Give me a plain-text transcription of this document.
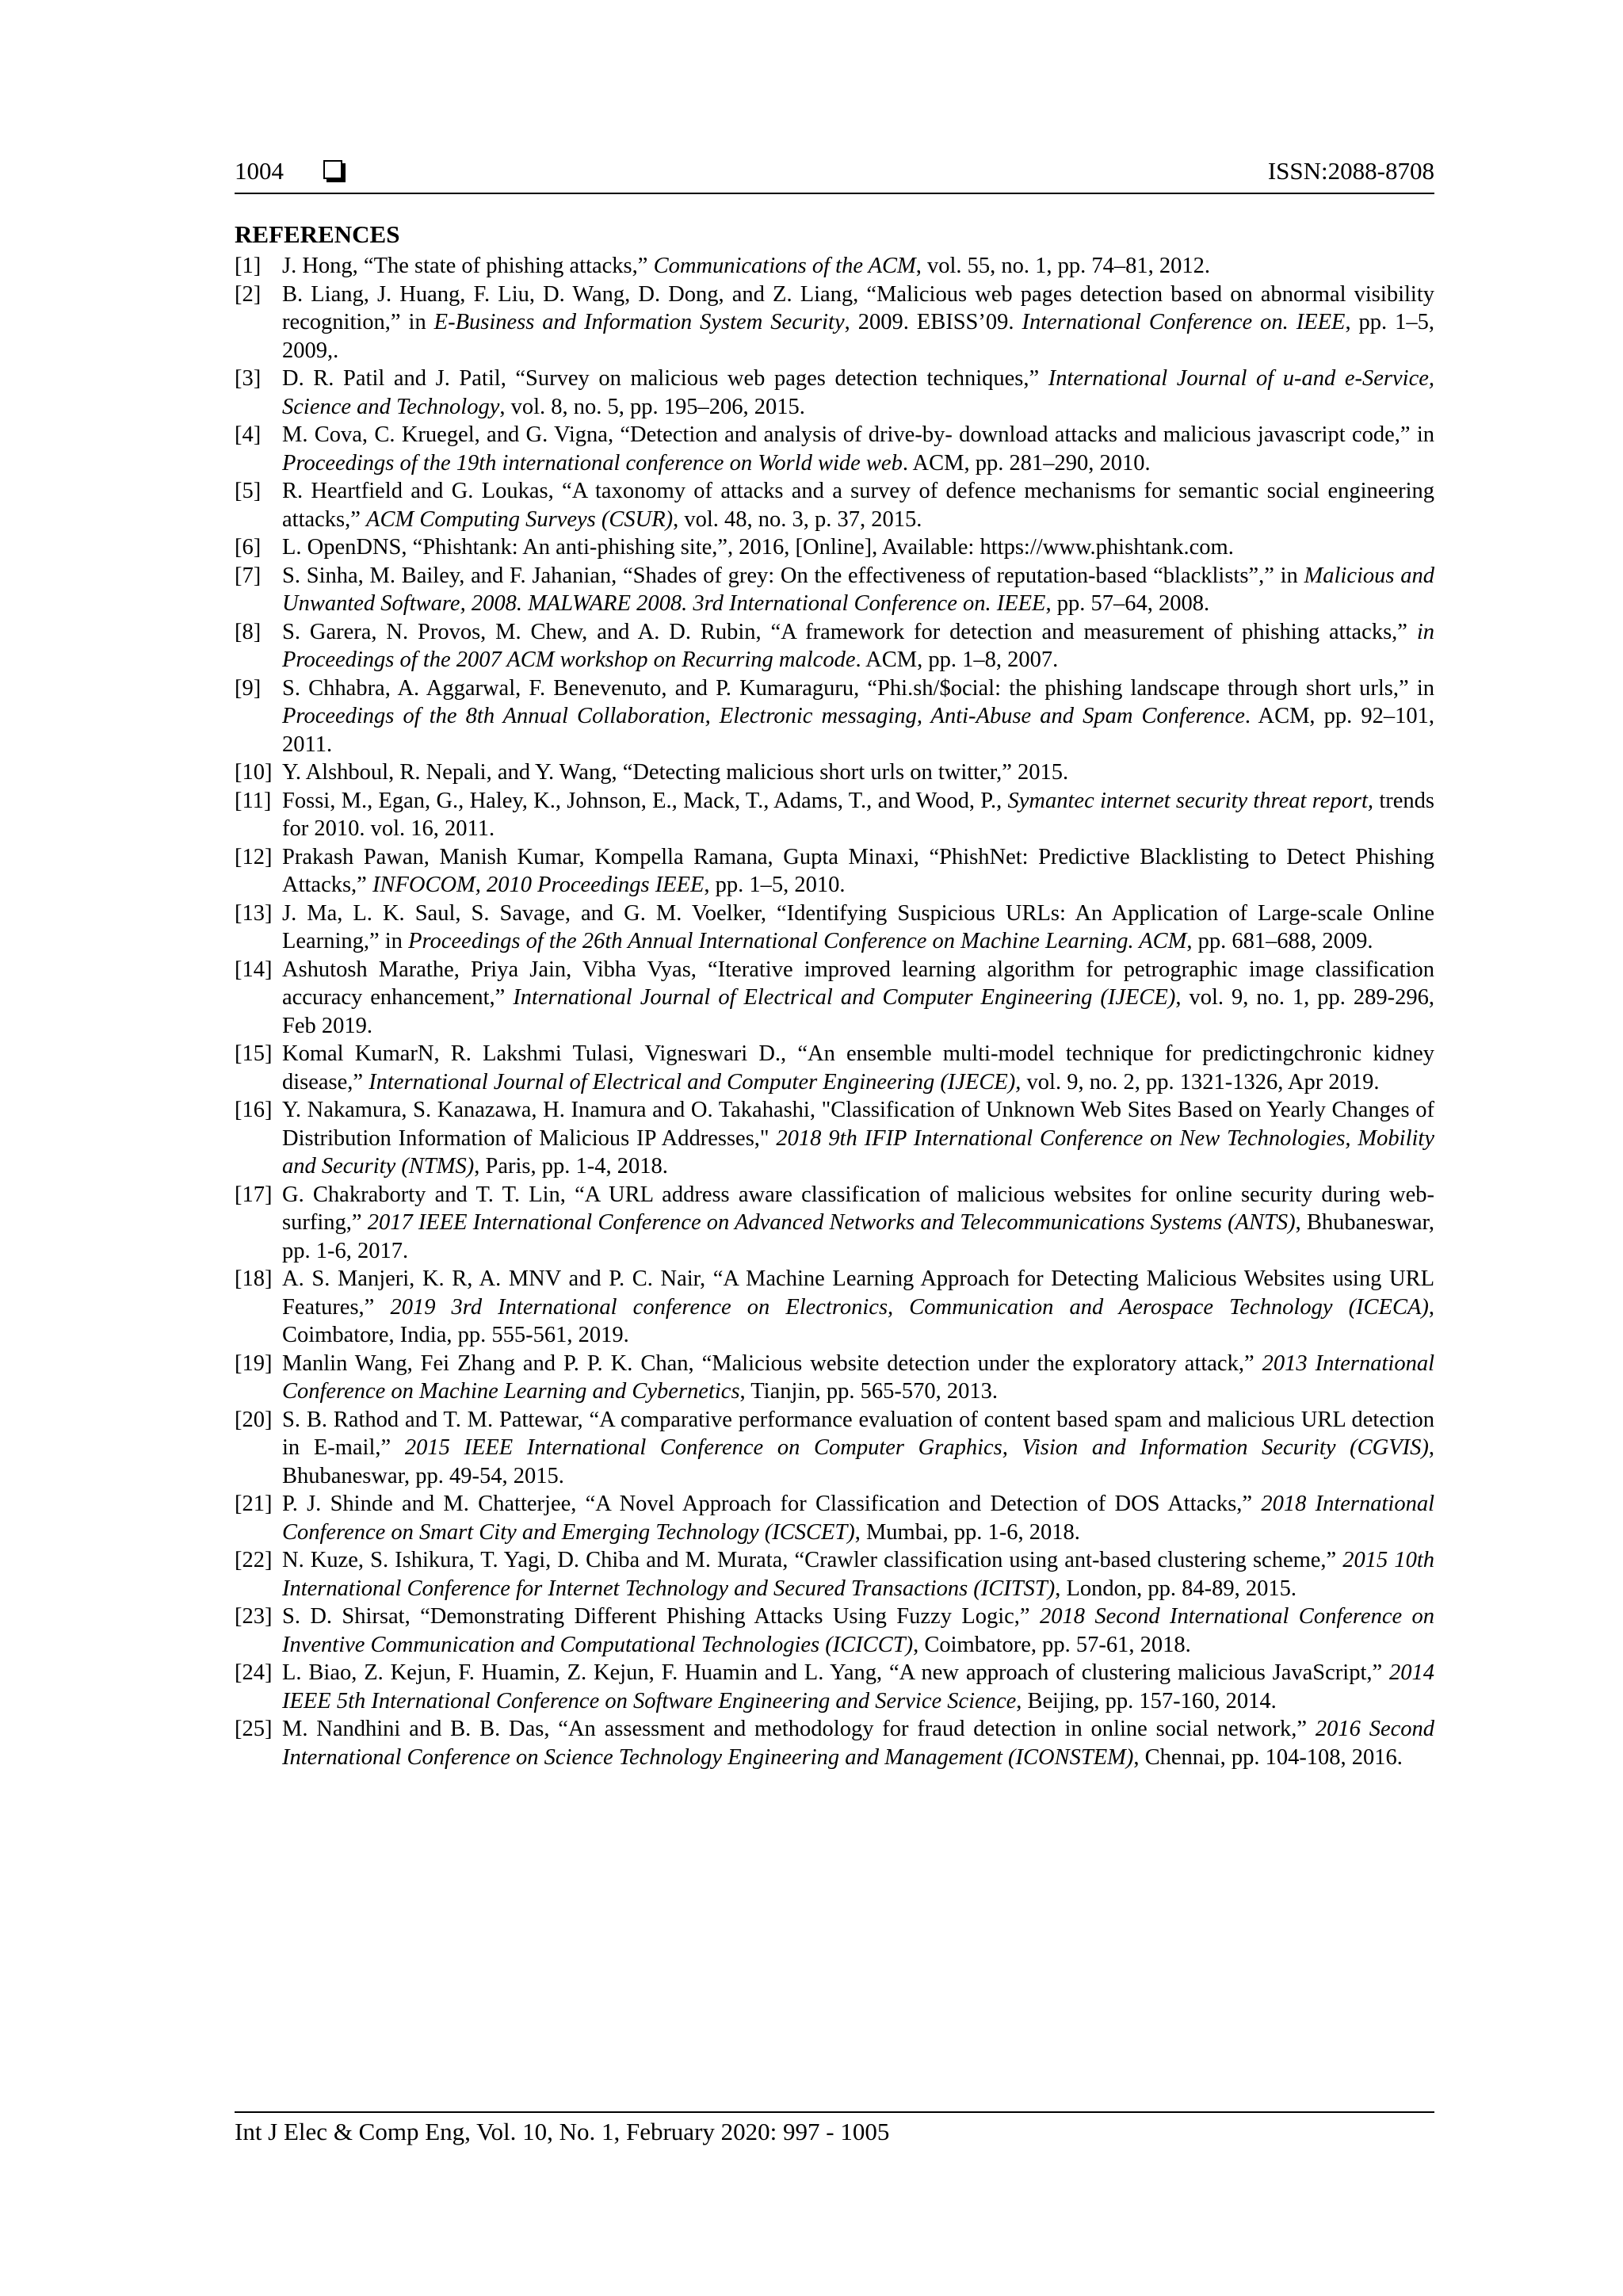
1004	ISSN:2088-8708
REFERENCES
[1] J. Hong, “The state of phishing attacks,” Communications of the ACM, vol. 55, no. 1, pp. 74–81, 2012.
[2] B. Liang, J. Huang, F. Liu, D. Wang, D. Dong, and Z. Liang, “Malicious web pages detection based on abnormal visibility recognition,” in E-Business and Information System Security, 2009. EBISS’09. International Conference on. IEEE, pp. 1–5, 2009,.
[3] D. R. Patil and J. Patil, “Survey on malicious web pages detection techniques,” International Journal of u-and e-Service, Science and Technology, vol. 8, no. 5, pp. 195–206, 2015.
[4] M. Cova, C. Kruegel, and G. Vigna, “Detection and analysis of drive-by- download attacks and malicious javascript code,” in Proceedings of the 19th international conference on World wide web. ACM, pp. 281–290, 2010.
[5] R. Heartfield and G. Loukas, “A taxonomy of attacks and a survey of defence mechanisms for semantic social engineering attacks,” ACM Computing Surveys (CSUR), vol. 48, no. 3, p. 37, 2015.
[6] L. OpenDNS, “Phishtank: An anti-phishing site,”, 2016, [Online], Available: https://www.phishtank.com.
[7] S. Sinha, M. Bailey, and F. Jahanian, “Shades of grey: On the effectiveness of reputation-based “blacklists”,” in Malicious and Unwanted Software, 2008. MALWARE 2008. 3rd International Conference on. IEEE, pp. 57–64, 2008.
[8] S. Garera, N. Provos, M. Chew, and A. D. Rubin, “A framework for detection and measurement of phishing attacks,” in Proceedings of the 2007 ACM workshop on Recurring malcode. ACM, pp. 1–8, 2007.
[9] S. Chhabra, A. Aggarwal, F. Benevenuto, and P. Kumaraguru, “Phi.sh/$ocial: the phishing landscape through short urls,” in Proceedings of the 8th Annual Collaboration, Electronic messaging, Anti-Abuse and Spam Conference. ACM, pp. 92–101, 2011.
[10] Y. Alshboul, R. Nepali, and Y. Wang, “Detecting malicious short urls on twitter,” 2015.
[11] Fossi, M., Egan, G., Haley, K., Johnson, E., Mack, T., Adams, T., and Wood, P., Symantec internet security threat report, trends for 2010. vol. 16, 2011.
[12] Prakash Pawan, Manish Kumar, Kompella Ramana, Gupta Minaxi, “PhishNet: Predictive Blacklisting to Detect Phishing Attacks,” INFOCOM, 2010 Proceedings IEEE, pp. 1–5, 2010.
[13] J. Ma, L. K. Saul, S. Savage, and G. M. Voelker, “Identifying Suspicious URLs: An Application of Large-scale Online Learning,” in Proceedings of the 26th Annual International Conference on Machine Learning. ACM, pp. 681–688, 2009.
[14] Ashutosh Marathe, Priya Jain, Vibha Vyas, “Iterative improved learning algorithm for petrographic image classification accuracy enhancement,” International Journal of Electrical and Computer Engineering (IJECE), vol. 9, no. 1, pp. 289-296, Feb 2019.
[15] Komal KumarN, R. Lakshmi Tulasi, Vigneswari D., “An ensemble multi-model technique for predictingchronic kidney disease,” International Journal of Electrical and Computer Engineering (IJECE), vol. 9, no. 2, pp. 1321-1326, Apr 2019.
[16] Y. Nakamura, S. Kanazawa, H. Inamura and O. Takahashi, "Classification of Unknown Web Sites Based on Yearly Changes of Distribution Information of Malicious IP Addresses," 2018 9th IFIP International Conference on New Technologies, Mobility and Security (NTMS), Paris, pp. 1-4, 2018.
[17] G. Chakraborty and T. T. Lin, “A URL address aware classification of malicious websites for online security during web-surfing,” 2017 IEEE International Conference on Advanced Networks and Telecommunications Systems (ANTS), Bhubaneswar, pp. 1-6, 2017.
[18] A. S. Manjeri, K. R, A. MNV and P. C. Nair, “A Machine Learning Approach for Detecting Malicious Websites using URL Features,” 2019 3rd International conference on Electronics, Communication and Aerospace Technology (ICECA), Coimbatore, India, pp. 555-561, 2019.
[19] Manlin Wang, Fei Zhang and P. P. K. Chan, “Malicious website detection under the exploratory attack,” 2013 International Conference on Machine Learning and Cybernetics, Tianjin, pp. 565-570, 2013.
[20] S. B. Rathod and T. M. Pattewar, “A comparative performance evaluation of content based spam and malicious URL detection in E-mail,” 2015 IEEE International Conference on Computer Graphics, Vision and Information Security (CGVIS), Bhubaneswar, pp. 49-54, 2015.
[21] P. J. Shinde and M. Chatterjee, “A Novel Approach for Classification and Detection of DOS Attacks,” 2018 International Conference on Smart City and Emerging Technology (ICSCET), Mumbai, pp. 1-6, 2018.
[22] N. Kuze, S. Ishikura, T. Yagi, D. Chiba and M. Murata, “Crawler classification using ant-based clustering scheme,” 2015 10th International Conference for Internet Technology and Secured Transactions (ICITST), London, pp. 84-89, 2015.
[23] S. D. Shirsat, “Demonstrating Different Phishing Attacks Using Fuzzy Logic,” 2018 Second International Conference on Inventive Communication and Computational Technologies (ICICCT), Coimbatore, pp. 57-61, 2018.
[24] L. Biao, Z. Kejun, F. Huamin, Z. Kejun, F. Huamin and L. Yang, “A new approach of clustering malicious JavaScript,” 2014 IEEE 5th International Conference on Software Engineering and Service Science, Beijing, pp. 157-160, 2014.
[25] M. Nandhini and B. B. Das, “An assessment and methodology for fraud detection in online social network,” 2016 Second International Conference on Science Technology Engineering and Management (ICONSTEM), Chennai, pp. 104-108, 2016.
Int J Elec & Comp Eng, Vol. 10, No. 1, February 2020: 997 - 1005
